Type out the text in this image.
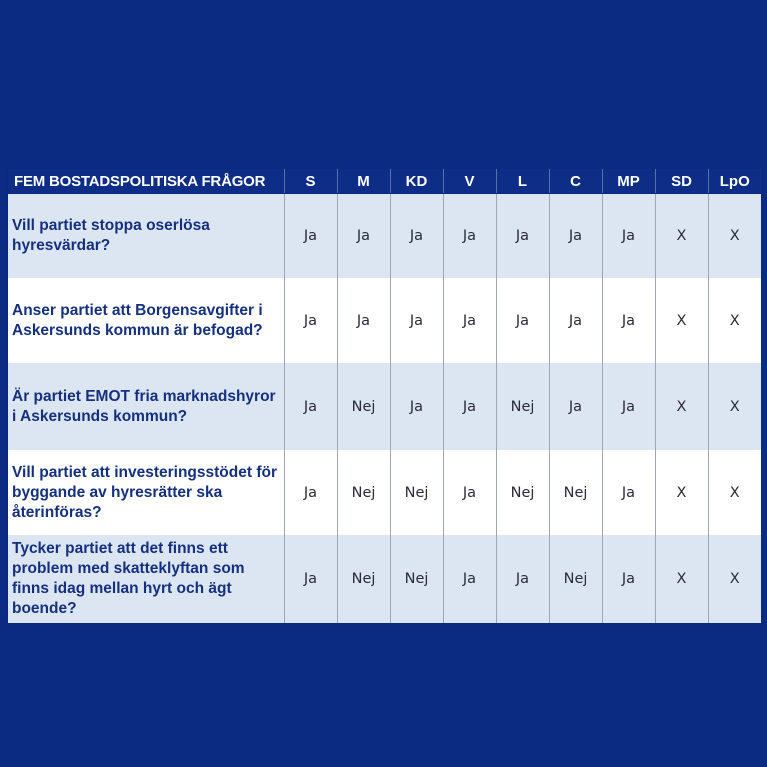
FEM BOSTADSPOLITISKA FRÅGOR	S	M	KD	V	L	C	MP	SD	LpO
Vill partiet stoppa oserlösa hyresvärdar?	Ja	Ja	Ja	Ja	Ja	Ja	Ja	X	X
Anser partiet att Borgensavgifter i Askersunds kommun är befogad?	Ja	Ja	Ja	Ja	Ja	Ja	Ja	X	X
Är partiet EMOT fria marknadshyror i Askersunds kommun?	Ja	Nej	Ja	Ja	Nej	Ja	Ja	X	X
Vill partiet att investeringsstödet för byggande av hyresrätter ska återinföras?	Ja	Nej	Nej	Ja	Nej	Nej	Ja	X	X
Tycker partiet att det finns ett problem med skatteklyftan som finns idag mellan hyrt och ägt boende?	Ja	Nej	Nej	Ja	Ja	Nej	Ja	X	X
